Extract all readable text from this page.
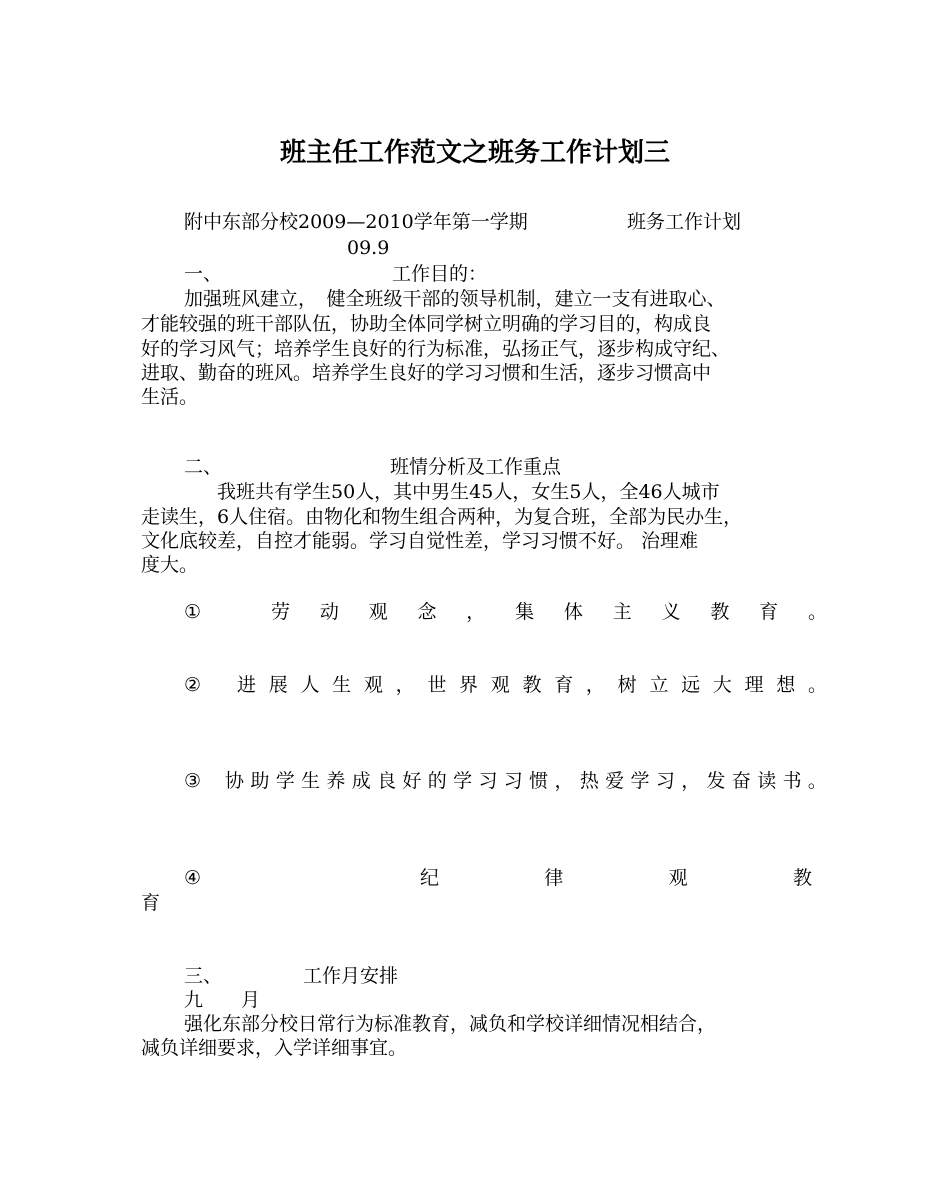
班主任工作范文之班务工作计划三
附中东部分校2009—2010学年第一学期	班务工作计划
09.9
一、	工作目的：
加强班风建立，　健全班级干部的领导机制，建立一支有进取心、
才能较强的班干部队伍，协助全体同学树立明确的学习目的，构成良
好的学习风气；培养学生良好的行为标准，弘扬正气，逐步构成守纪、
进取、勤奋的班风。培养学生良好的学习习惯和生活，逐步习惯高中
生活。
二、	班情分析及工作重点
我班共有学生50人，其中男生45人，女生5人，全46人城市
走读生，6人住宿。由物化和物生组合两种，为复合班，全部为民办生，
文化底较差，自控才能弱。学习自觉性差，学习习惯不好。 治理难
度大。
①	劳 动 观 念 ， 集 体 主 义 教 育 。
② 进 展 人 生 观 ， 世 界 观 教 育 ， 树 立 远 大 理 想 。
③ 协 助 学 生 养 成 良 好 的 学 习 习 惯 ， 热 爱 学 习 ， 发 奋 读 书 。
④	纪	律	观	教
育
三、	工作月安排
九　　月
强化东部分校日常行为标准教育，减负和学校详细情况相结合，
减负详细要求，入学详细事宜。
